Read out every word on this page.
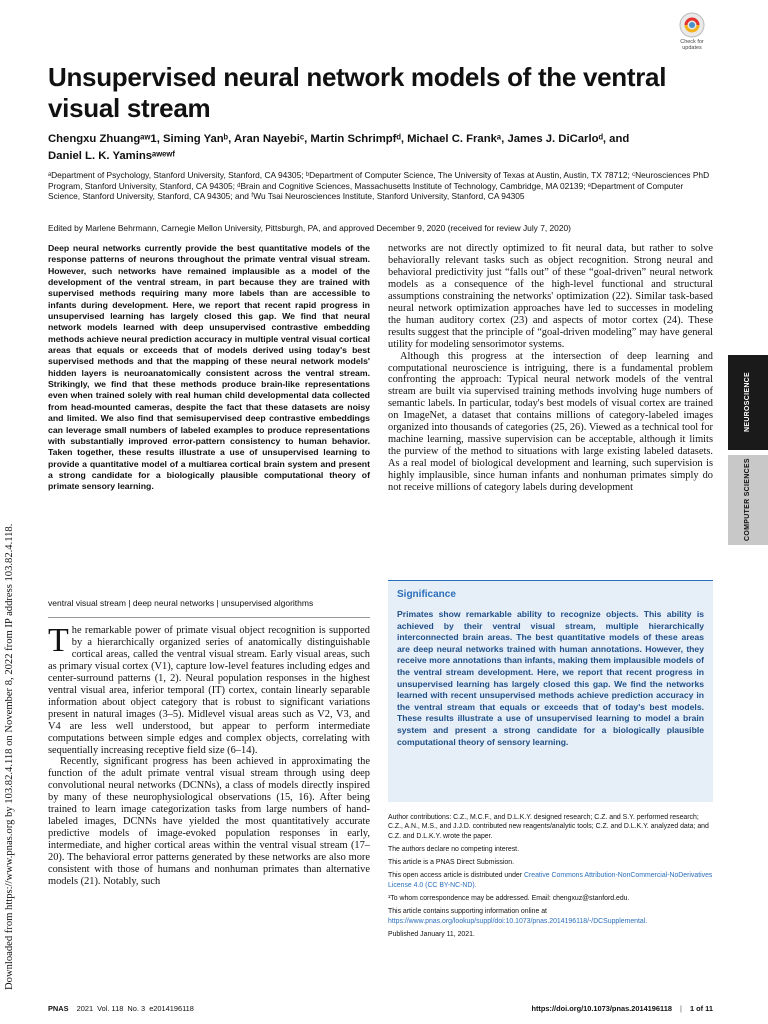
Check for updates
Unsupervised neural network models of the ventral visual stream
Chengxu Zhuangᵃʷ1, Siming Yanᵇ, Aran Nayebiᶜ, Martin Schrimpfᵈ, Michael C. Frankᵃ, James J. DiCarloᵈ, and
Daniel L. K. Yaminsᵃʷᵉʷᶠ
ᵃDepartment of Psychology, Stanford University, Stanford, CA 94305; ᵇDepartment of Computer Science, The University of Texas at Austin, Austin, TX 78712; ᶜNeurosciences PhD Program, Stanford University, Stanford, CA 94305; ᵈBrain and Cognitive Sciences, Massachusetts Institute of Technology, Cambridge, MA 02139; ᵉDepartment of Computer Science, Stanford University, Stanford, CA 94305; and ᶠWu Tsai Neurosciences Institute, Stanford University, Stanford, CA 94305
Edited by Marlene Behrmann, Carnegie Mellon University, Pittsburgh, PA, and approved December 9, 2020 (received for review July 7, 2020)
Deep neural networks currently provide the best quantitative models of the response patterns of neurons throughout the primate ventral visual stream. However, such networks have remained implausible as a model of the development of the ventral stream, in part because they are trained with supervised methods requiring many more labels than are accessible to infants during development. Here, we report that recent rapid progress in unsupervised learning has largely closed this gap. We find that neural network models learned with deep unsupervised contrastive embedding methods achieve neural prediction accuracy in multiple ventral visual cortical areas that equals or exceeds that of models derived using today's best supervised methods and that the mapping of these neural network models' hidden layers is neuroanatomically consistent across the ventral stream. Strikingly, we find that these methods produce brain-like representations even when trained solely with real human child developmental data collected from head-mounted cameras, despite the fact that these datasets are noisy and limited. We also find that semisupervised deep contrastive embeddings can leverage small numbers of labeled examples to produce representations with substantially improved error-pattern consistency to human behavior. Taken together, these results illustrate a use of unsupervised learning to provide a quantitative model of a multiarea cortical brain system and present a strong candidate for a biologically plausible computational theory of primate sensory learning.
ventral visual stream | deep neural networks | unsupervised algorithms

The remarkable power of primate visual object recognition is supported by a hierarchically organized series of anatomically distinguishable cortical areas, called the ventral visual stream. Early visual areas, such as primary visual cortex (V1), capture low-level features including edges and center-surround patterns (1, 2). Neural population responses in the highest ventral visual area, inferior temporal (IT) cortex, contain linearly separable information about object category that is robust to significant variations present in natural images (3–5). Midlevel visual areas such as V2, V3, and V4 are less well understood, but appear to perform intermediate computations between simple edges and complex objects, correlating with sequentially increasing receptive field size (6–14).

Recently, significant progress has been achieved in approximating the function of the adult primate ventral visual stream through using deep convolutional neural networks (DCNNs), a class of models directly inspired by many of these neurophysiological observations (15, 16). After being trained to learn image categorization tasks from large numbers of hand-labeled images, DCNNs have yielded the most quantitatively accurate predictive models of image-evoked population responses in early, intermediate, and higher cortical areas within the ventral visual stream (17–20). The behavioral error patterns generated by these networks are also more consistent with those of humans and nonhuman primates than alternative models (21). Notably, such

networks are not directly optimized to fit neural data, but rather to solve behaviorally relevant tasks such as object recognition. Strong neural and behavioral predictivity just “falls out” of these “goal-driven” neural network models as a consequence of the high-level functional and structural assumptions constraining the networks' optimization (22). Similar task-based neural network optimization approaches have led to successes in modeling the human auditory cortex (23) and aspects of motor cortex (24). These results suggest that the principle of “goal-driven modeling” may have general utility for modeling sensorimotor systems.

Although this progress at the intersection of deep learning and computational neuroscience is intriguing, there is a fundamental problem confronting the approach: Typical neural network models of the ventral stream are built via supervised training methods involving huge numbers of semantic labels. In particular, today's best models of visual cortex are trained on ImageNet, a dataset that contains millions of category-labeled images organized into thousands of categories (25, 26). Viewed as a technical tool for machine learning, massive supervision can be acceptable, although it limits the purview of the method to situations with large existing labeled datasets. As a real model of biological development and learning, such supervision is highly implausible, since human infants and nonhuman primates simply do not receive millions of category labels during development

Significance
Primates show remarkable ability to recognize objects. This ability is achieved by their ventral visual stream, multiple hierarchically interconnected brain areas. The best quantitative models of these areas are deep neural networks trained with human annotations. However, they receive more annotations than infants, making them implausible models of the ventral stream development. Here, we report that recent progress in unsupervised learning has largely closed this gap. We find the networks learned with recent unsupervised methods achieve prediction accuracy in the ventral stream that equals or exceeds that of today's best models. These results illustrate a use of unsupervised learning to model a brain system and present a strong candidate for a biologically plausible computational theory of sensory learning.

Author contributions: C.Z., M.C.F., and D.L.K.Y. designed research; C.Z. and S.Y. performed research; C.Z., A.N., M.S., and J.J.D. contributed new reagents/analytic tools; C.Z. and D.L.K.Y. analyzed data; and C.Z. and D.L.K.Y. wrote the paper.

The authors declare no competing interest.

This article is a PNAS Direct Submission.

This open access article is distributed under Creative Commons Attribution-NonCommercial-NoDerivatives License 4.0 (CC BY-NC-ND).

¹To whom correspondence may be addressed. Email: chengxuz@stanford.edu.

This article contains supporting information online at https://www.pnas.org/lookup/suppl/doi:10.1073/pnas.2014196118/-/DCSupplemental.

Published January 11, 2021.

NEUROSCIENCE
COMPUTER SCIENCES
Downloaded from https://www.pnas.org by 103.82.4.118 on November 8, 2022 from IP address 103.82.4.118.
PNAS 2021  Vol. 118  No. 3  e2014196118	https://doi.org/10.1073/pnas.2014196118 | 1 of 11
